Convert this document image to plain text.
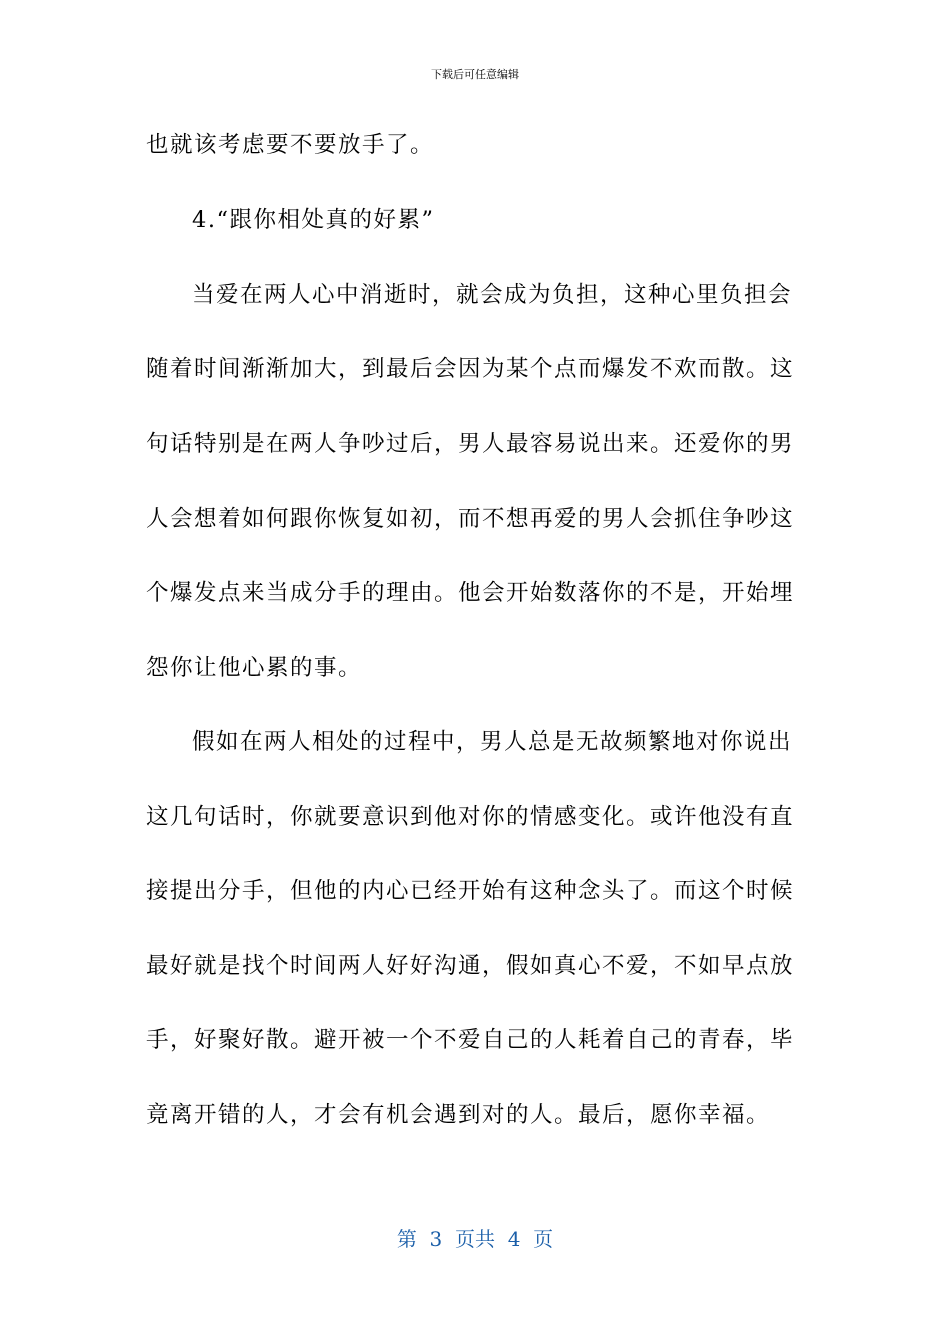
下载后可任意编辑
也就该考虑要不要放手了。
4.“跟你相处真的好累”
当爱在两人心中消逝时，就会成为负担，这种心里负担会
随着时间渐渐加大，到最后会因为某个点而爆发不欢而散。这
句话特别是在两人争吵过后，男人最容易说出来。还爱你的男
人会想着如何跟你恢复如初，而不想再爱的男人会抓住争吵这
个爆发点来当成分手的理由。他会开始数落你的不是，开始埋
怨你让他心累的事。
假如在两人相处的过程中，男人总是无故频繁地对你说出
这几句话时，你就要意识到他对你的情感变化。或许他没有直
接提出分手，但他的内心已经开始有这种念头了。而这个时候
最好就是找个时间两人好好沟通，假如真心不爱，不如早点放
手，好聚好散。避开被一个不爱自己的人耗着自己的青春，毕
竟离开错的人，才会有机会遇到对的人。最后，愿你幸福。
第  3  页共  4  页
